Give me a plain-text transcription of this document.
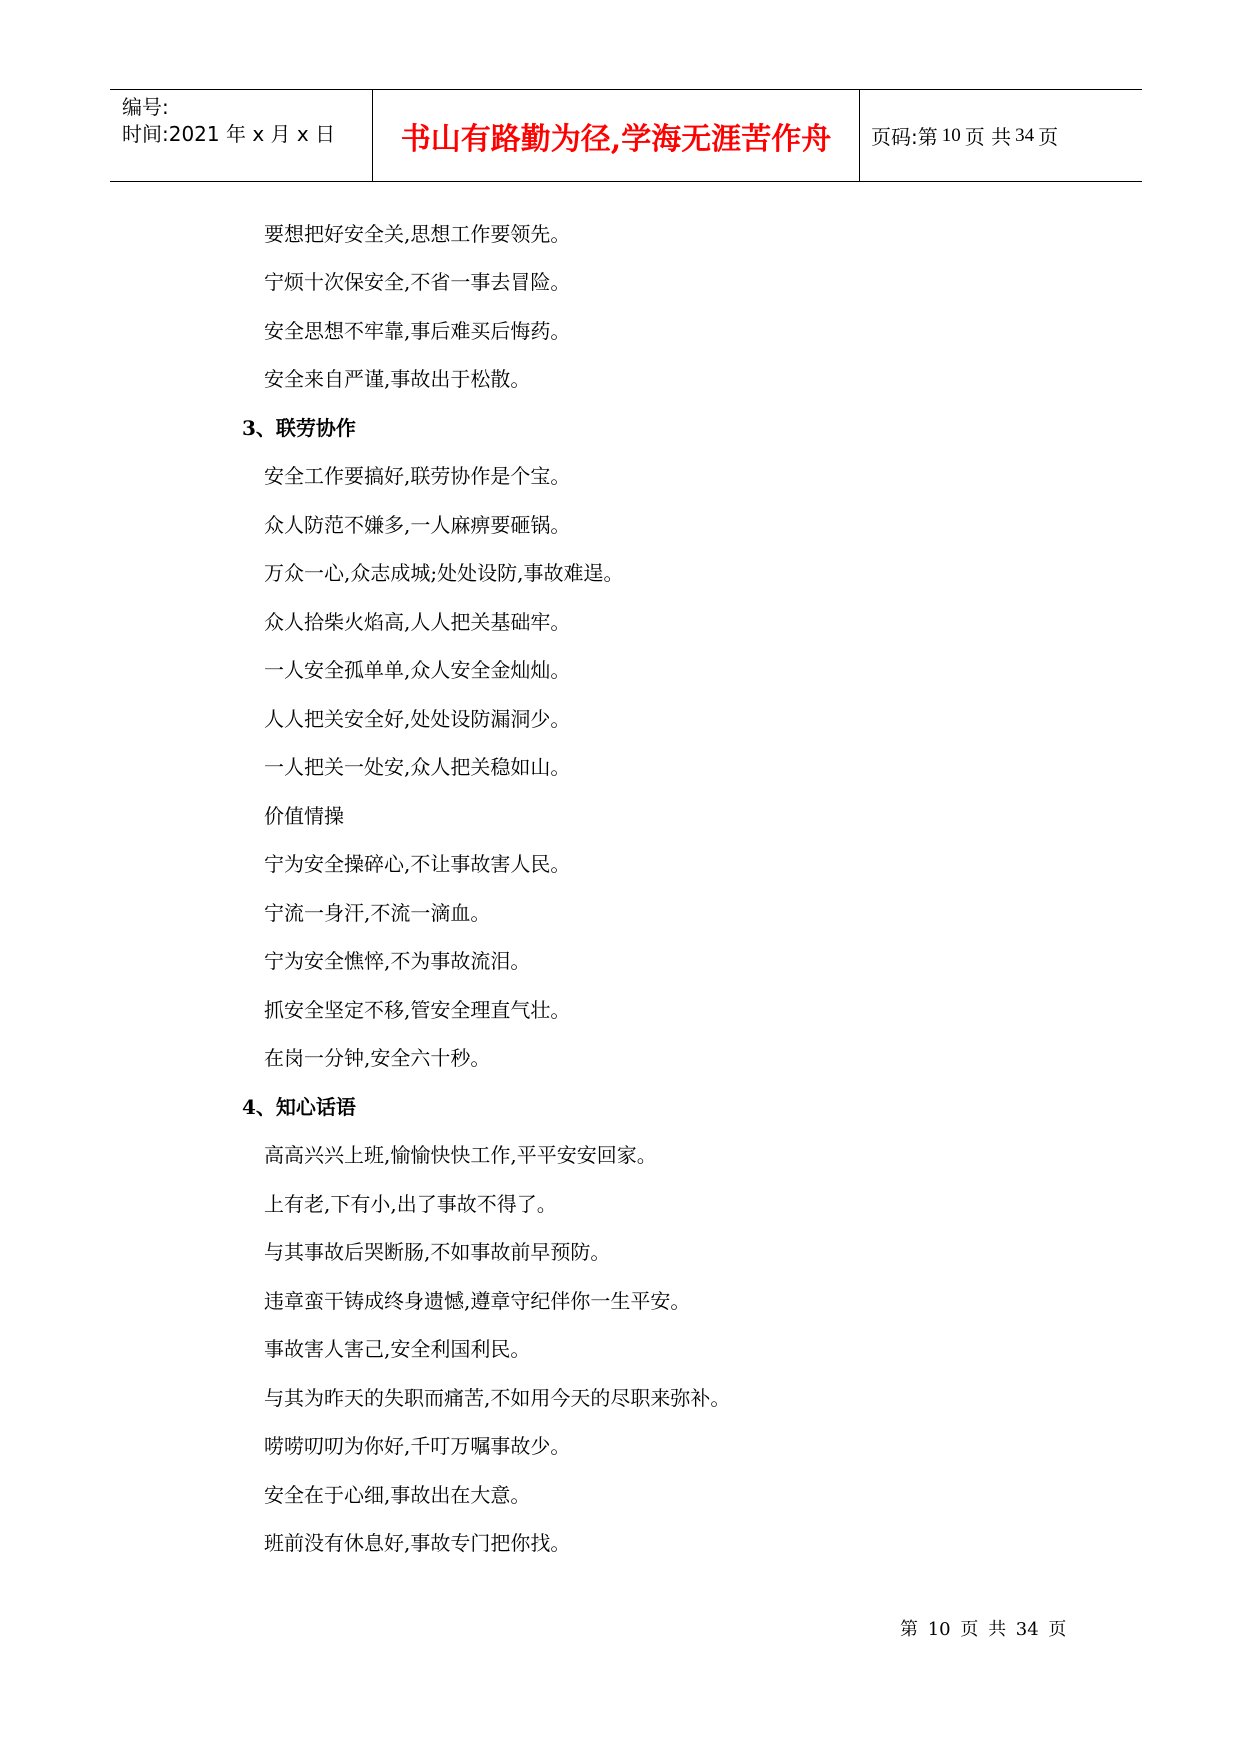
编号:
时间:2021 年 x 月 x 日	书山有路勤为径,学海无涯苦作舟 页码:第 10 页 共 34 页
要想把好安全关,思想工作要领先。
宁烦十次保安全,不省一事去冒险。
安全思想不牢靠,事后难买后悔药。
安全来自严谨,事故出于松散。
3、联劳协作
安全工作要搞好,联劳协作是个宝。
众人防范不嫌多,一人麻痹要砸锅。
万众一心,众志成城;处处设防,事故难逞。
众人拾柴火焰高,人人把关基础牢。
一人安全孤单单,众人安全金灿灿。
人人把关安全好,处处设防漏洞少。
一人把关一处安,众人把关稳如山。
价值情操
宁为安全操碎心,不让事故害人民。
宁流一身汗,不流一滴血。
宁为安全憔悴,不为事故流泪。
抓安全坚定不移,管安全理直气壮。
在岗一分钟,安全六十秒。
4、知心话语
高高兴兴上班,愉愉快快工作,平平安安回家。
上有老,下有小,出了事故不得了。
与其事故后哭断肠,不如事故前早预防。
违章蛮干铸成终身遗憾,遵章守纪伴你一生平安。
事故害人害己,安全利国利民。
与其为昨天的失职而痛苦,不如用今天的尽职来弥补。
唠唠叨叨为你好,千叮万嘱事故少。
安全在于心细,事故出在大意。
班前没有休息好,事故专门把你找。
第 10 页 共 34 页
